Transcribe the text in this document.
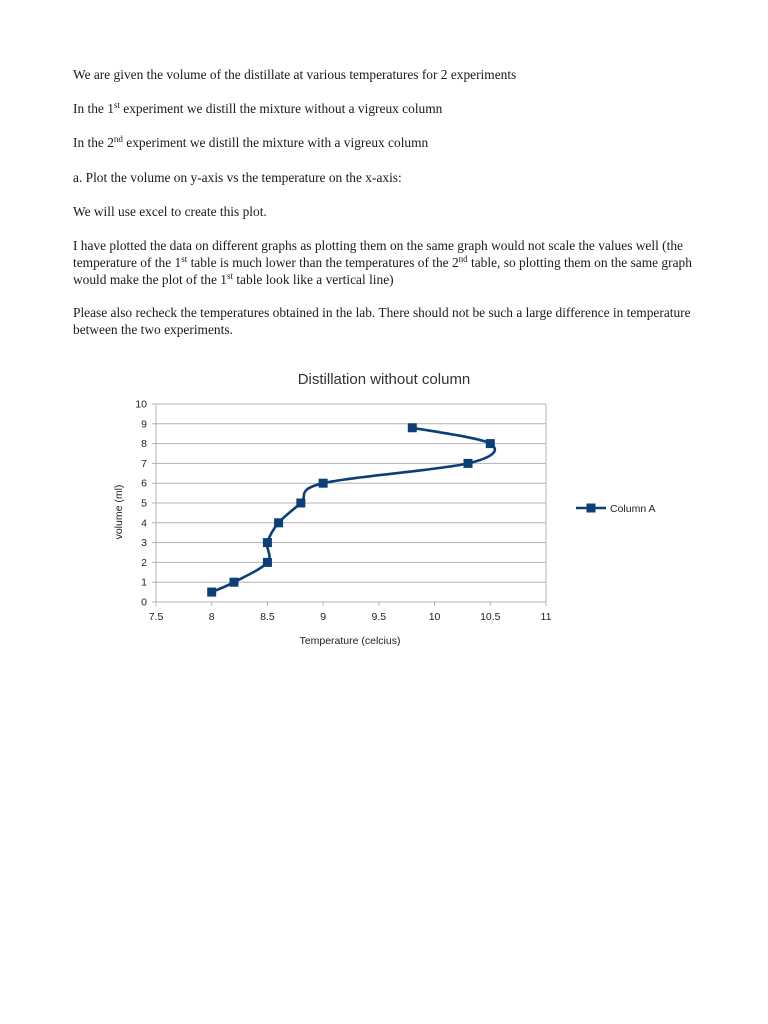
We are given the volume of the distillate at various temperatures for 2 experiments

In the 1st experiment we distill the mixture without a vigreux column

In the 2nd experiment we distill the mixture with a vigreux column

a. Plot the volume on y-axis vs the temperature on the x-axis:

We will use excel to create this plot.

I have plotted the data on different graphs as plotting them on the same graph would not scale the values well (the temperature of the 1st table is much lower than the temperatures of the 2nd table, so plotting them on the same graph would make the plot of the 1st table look like a vertical line)

Please also recheck the temperatures obtained in the lab. There should not be such a large difference in temperature between the two experiments.

Distillation without column
0
1
2
3
4
5
6
7
8
9
10
7.5	8	8.5	9	9.5	10	10.5	11
Temperature (celcius)
volume (ml)	Column A
